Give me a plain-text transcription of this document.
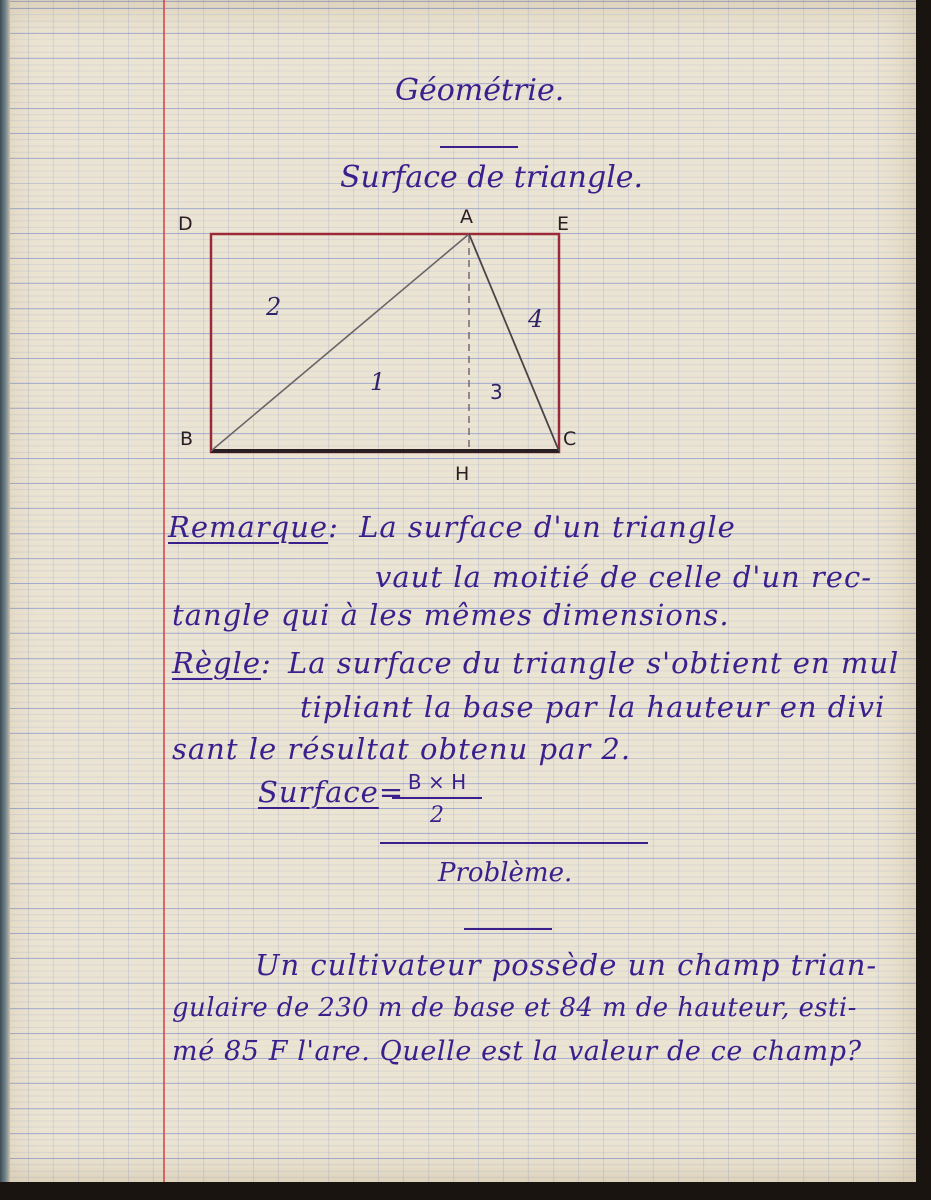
Géométrie.
Surface de triangle.
D	A	E
B	C
H
2
1	3
4
Remarque: La surface d'un triangle
vaut la moitié de celle d'un rec-
tangle qui à les mêmes dimensions.
Règle: La surface du triangle s'obtient en mul
tipliant la base par la hauteur en divi
sant le résultat obtenu par 2.
Surface=
$\frac{B \times H}{2}$
Problème.
Un cultivateur possède un champ trian-
gulaire de 230 m de base et 84 m de hauteur, esti-
mé 85 F l'are. Quelle est la valeur de ce champ?
